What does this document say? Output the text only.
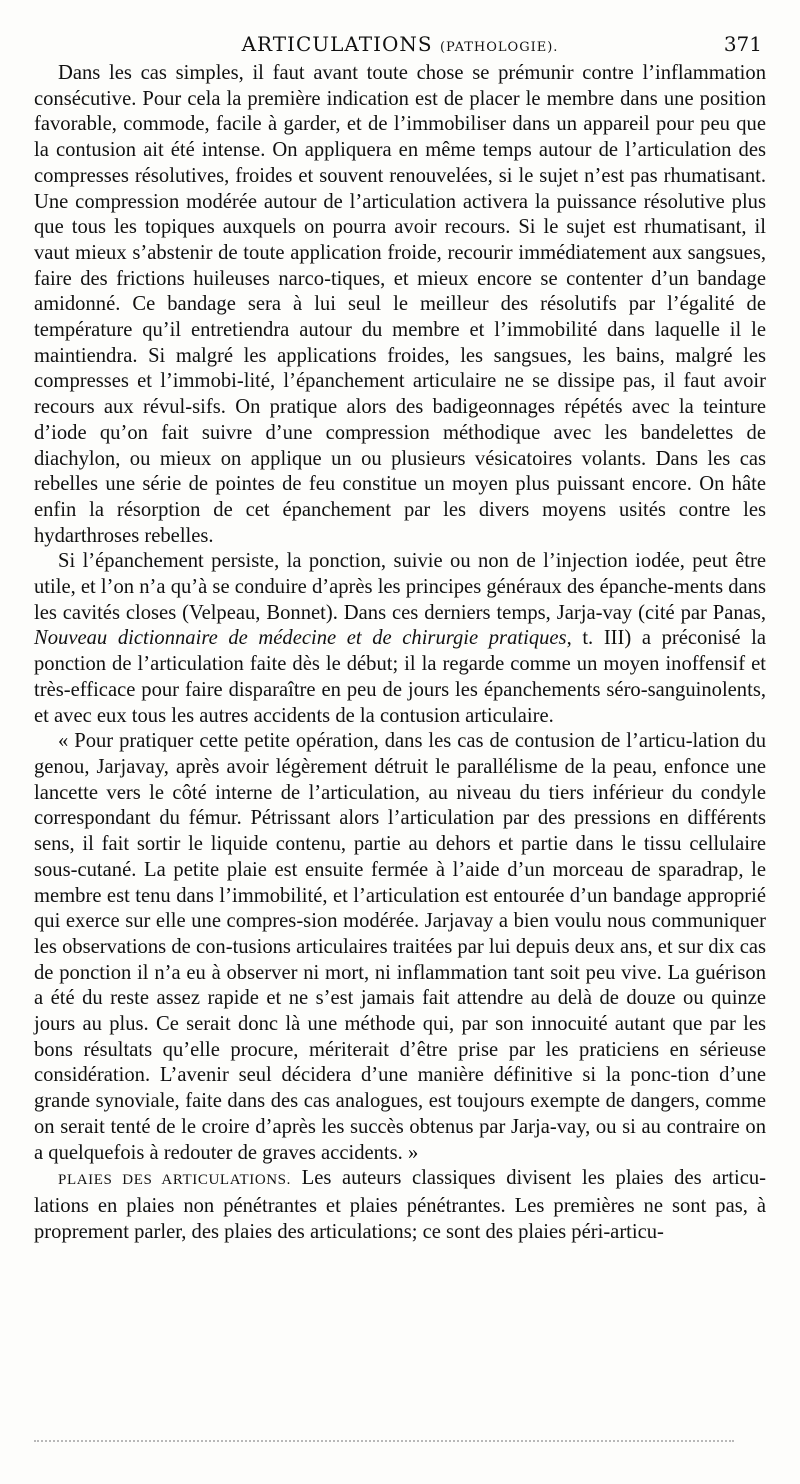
ARTICULATIONS (PATHOLOGIE).	371

Dans les cas simples, il faut avant toute chose se prémunir contre l’inflammation consécutive. Pour cela la première indication est de placer le membre dans une position favorable, commode, facile à garder, et de l’immobiliser dans un appareil pour peu que la contusion ait été intense. On appliquera en même temps autour de l’articulation des compresses résolutives, froides et souvent renouvelées, si le sujet n’est pas rhumatisant. Une compression modérée autour de l’articulation activera la puissance résolutive plus que tous les topiques auxquels on pourra avoir recours. Si le sujet est rhumatisant, il vaut mieux s’abstenir de toute application froide, recourir immédiatement aux sangsues, faire des frictions huileuses narco-tiques, et mieux encore se contenter d’un bandage amidonné. Ce bandage sera à lui seul le meilleur des résolutifs par l’égalité de température qu’il entretiendra autour du membre et l’immobilité dans laquelle il le maintiendra. Si malgré les applications froides, les sangsues, les bains, malgré les compresses et l’immobi-lité, l’épanchement articulaire ne se dissipe pas, il faut avoir recours aux révul-sifs. On pratique alors des badigeonnages répétés avec la teinture d’iode qu’on fait suivre d’une compression méthodique avec les bandelettes de diachylon, ou mieux on applique un ou plusieurs vésicatoires volants. Dans les cas rebelles une série de pointes de feu constitue un moyen plus puissant encore. On hâte enfin la résorption de cet épanchement par les divers moyens usités contre les hydarthroses rebelles.

Si l’épanchement persiste, la ponction, suivie ou non de l’injection iodée, peut être utile, et l’on n’a qu’à se conduire d’après les principes généraux des épanche-ments dans les cavités closes (Velpeau, Bonnet). Dans ces derniers temps, Jarja-vay (cité par Panas, Nouveau dictionnaire de médecine et de chirurgie pratiques, t. III) a préconisé la ponction de l’articulation faite dès le début; il la regarde comme un moyen inoffensif et très-efficace pour faire disparaître en peu de jours les épanchements séro-sanguinolents, et avec eux tous les autres accidents de la contusion articulaire.

« Pour pratiquer cette petite opération, dans les cas de contusion de l’articu-lation du genou, Jarjavay, après avoir légèrement détruit le parallélisme de la peau, enfonce une lancette vers le côté interne de l’articulation, au niveau du tiers inférieur du condyle correspondant du fémur. Pétrissant alors l’articulation par des pressions en différents sens, il fait sortir le liquide contenu, partie au dehors et partie dans le tissu cellulaire sous-cutané. La petite plaie est ensuite fermée à l’aide d’un morceau de sparadrap, le membre est tenu dans l’immobilité, et l’articulation est entourée d’un bandage approprié qui exerce sur elle une compres-sion modérée. Jarjavay a bien voulu nous communiquer les observations de con-tusions articulaires traitées par lui depuis deux ans, et sur dix cas de ponction il n’a eu à observer ni mort, ni inflammation tant soit peu vive. La guérison a été du reste assez rapide et ne s’est jamais fait attendre au delà de douze ou quinze jours au plus. Ce serait donc là une méthode qui, par son innocuité autant que par les bons résultats qu’elle procure, mériterait d’être prise par les praticiens en sérieuse considération. L’avenir seul décidera d’une manière définitive si la ponc-tion d’une grande synoviale, faite dans des cas analogues, est toujours exempte de dangers, comme on serait tenté de le croire d’après les succès obtenus par Jarja-vay, ou si au contraire on a quelquefois à redouter de graves accidents. »

PLAIES DES ARTICULATIONS. Les auteurs classiques divisent les plaies des articu-lations en plaies non pénétrantes et plaies pénétrantes. Les premières ne sont pas, à proprement parler, des plaies des articulations; ce sont des plaies péri-articu-
